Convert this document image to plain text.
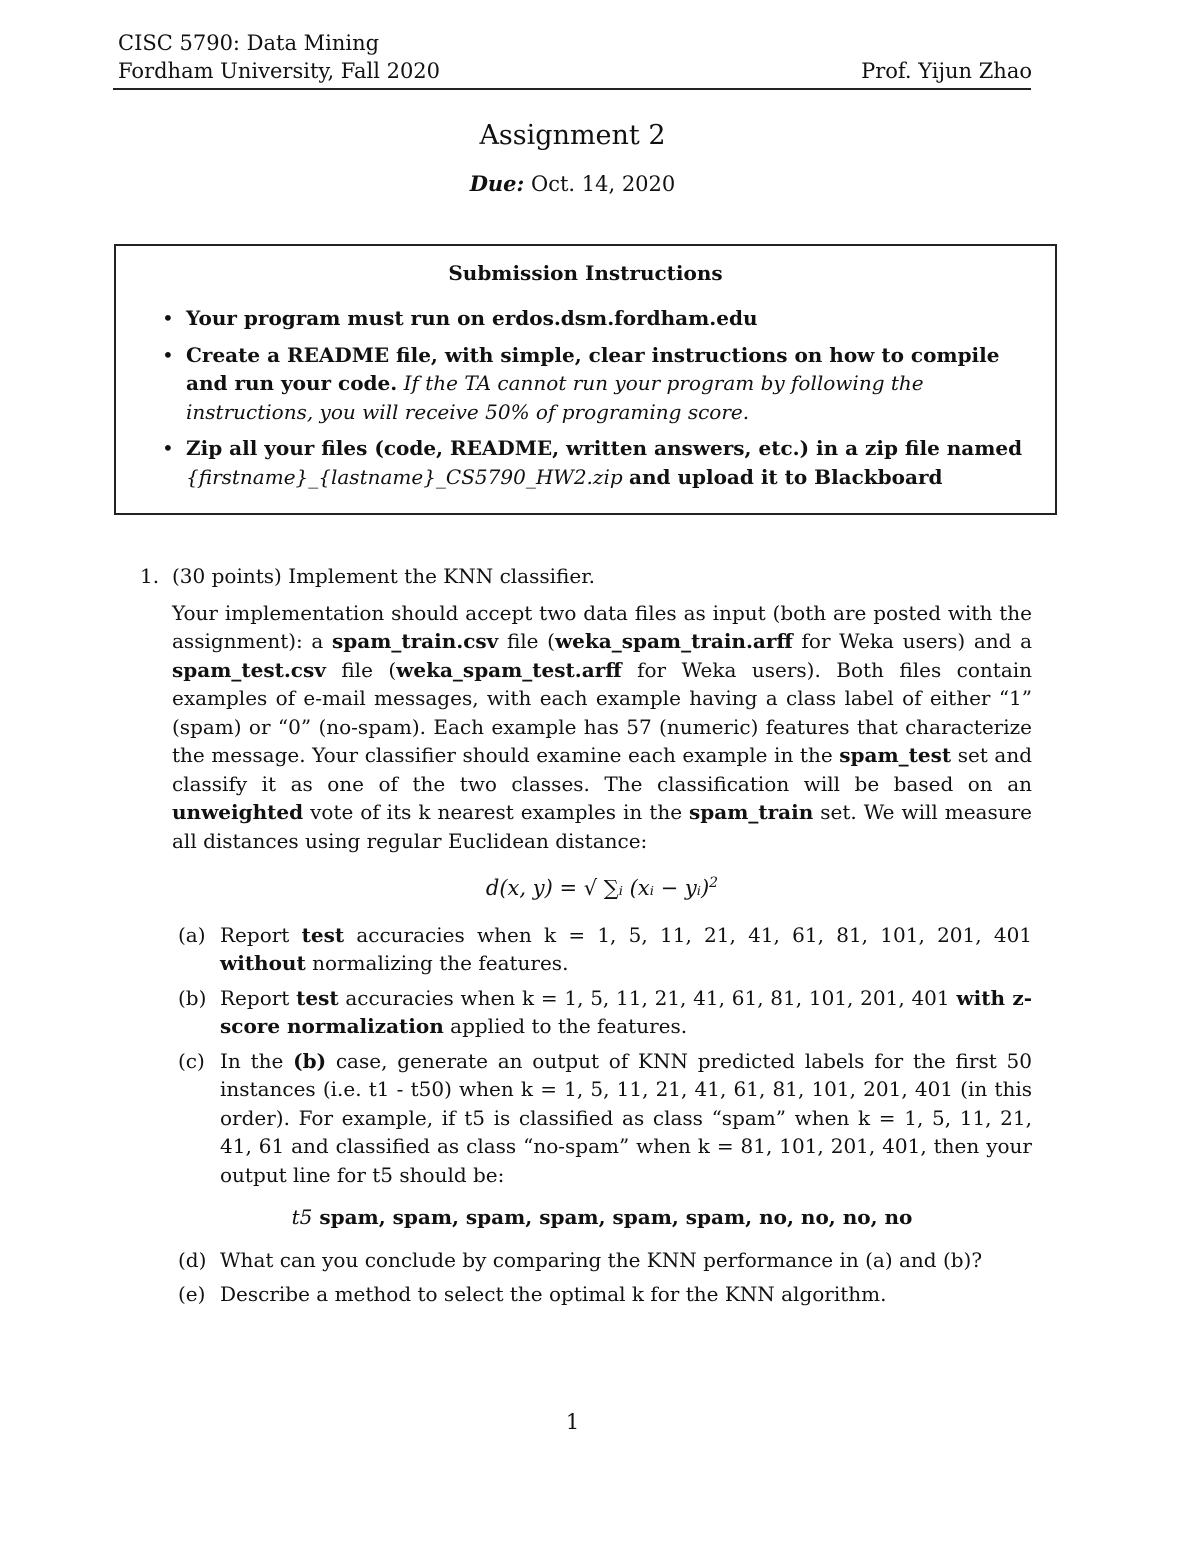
CISC 5790: Data Mining
Fordham University, Fall 2020	Prof. Yijun Zhao
Assignment 2
Due: Oct. 14, 2020
Submission Instructions
• Your program must run on erdos.dsm.fordham.edu
• Create a README file, with simple, clear instructions on how to compile and run your code. If the TA cannot run your program by following the instructions, you will receive 50% of programing score.
• Zip all your files (code, README, written answers, etc.) in a zip file named {firstname}_{lastname}_CS5790_HW2.zip and upload it to Blackboard
1. (30 points) Implement the KNN classifier.
Your implementation should accept two data files as input (both are posted with the assignment): a spam_train.csv file (weka_spam_train.arff for Weka users) and a spam_test.csv file (weka_spam_test.arff for Weka users). Both files contain examples of e-mail messages, with each example having a class label of either “1” (spam) or “0” (no-spam). Each example has 57 (numeric) features that characterize the message. Your classifier should examine each example in the spam_test set and classify it as one of the two classes. The classification will be based on an unweighted vote of its k nearest examples in the spam_train set. We will measure all distances using regular Euclidean distance:
d(x, y) = √ ∑ᵢ (xᵢ − yᵢ)$^2$
(a) Report test accuracies when k = 1, 5, 11, 21, 41, 61, 81, 101, 201, 401 without normalizing the features.
(b) Report test accuracies when k = 1, 5, 11, 21, 41, 61, 81, 101, 201, 401 with z-score normalization applied to the features.
(c) In the (b) case, generate an output of KNN predicted labels for the first 50 instances (i.e. t1 - t50) when k = 1, 5, 11, 21, 41, 61, 81, 101, 201, 401 (in this order). For example, if t5 is classified as class “spam” when k = 1, 5, 11, 21, 41, 61 and classified as class “no-spam” when k = 81, 101, 201, 401, then your output line for t5 should be:
t5 spam, spam, spam, spam, spam, spam, no, no, no, no
(d) What can you conclude by comparing the KNN performance in (a) and (b)?
(e) Describe a method to select the optimal k for the KNN algorithm.
1
